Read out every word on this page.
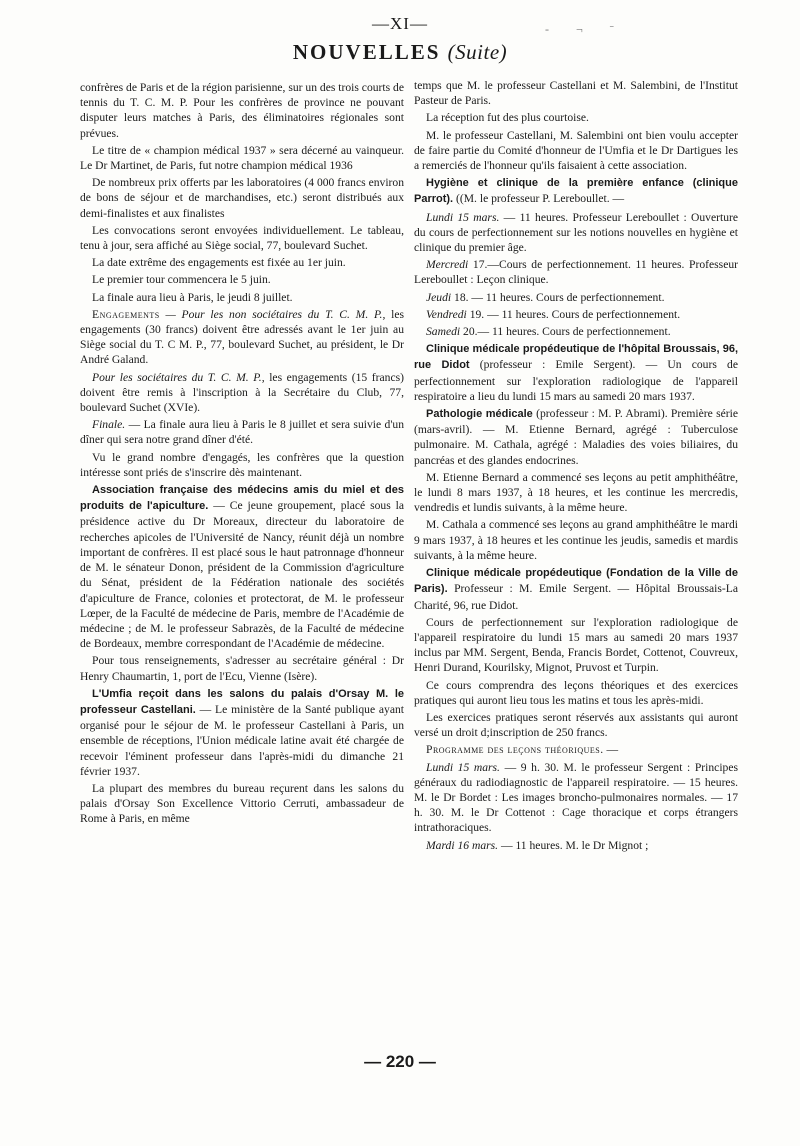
—XI—	- ¬ ˉ
NOUVELLES (Suite)

confrères de Paris et de la région parisienne, sur un des trois courts de tennis du T. C. M. P. Pour les confrères de province ne pouvant disputer leurs matches à Paris, des éliminatoires régionales sont prévues.

Le titre de « champion médical 1937 » sera décerné au vainqueur. Le Dr Martinet, de Paris, fut notre champion médical 1936

De nombreux prix offerts par les laboratoires (4 000 francs environ de bons de séjour et de marchandises, etc.) seront distribués aux demi-finalistes et aux finalistes

Les convocations seront envoyées individuellement. Le tableau, tenu à jour, sera affiché au Siège social, 77, boulevard Suchet.

La date extrême des engagements est fixée au 1er juin.

Le premier tour commencera le 5 juin.

La finale aura lieu à Paris, le jeudi 8 juillet.

Engagements — Pour les non sociétaires du T. C. M. P., les engagements (30 francs) doivent être adressés avant le 1er juin au Siège social du T. C M. P., 77, boulevard Suchet, au président, le Dr André Galand.

Pour les sociétaires du T. C. M. P., les engagements (15 francs) doivent être remis à l'inscription à la Secrétaire du Club, 77, boulevard Suchet (XVIe).

Finale. — La finale aura lieu à Paris le 8 juillet et sera suivie d'un dîner qui sera notre grand dîner d'été.

Vu le grand nombre d'engagés, les confrères que la question intéresse sont priés de s'inscrire dès maintenant.

Association française des médecins amis du miel et des produits de l'apiculture. — Ce jeune groupement, placé sous la présidence active du Dr Moreaux, directeur du laboratoire de recherches apicoles de l'Université de Nancy, réunit déjà un nombre important de confrères. Il est placé sous le haut patronnage d'honneur de M. le sénateur Donon, président de la Commission d'agriculture du Sénat, président de la Fédération nationale des sociétés d'apiculture de France, colonies et protectorat, de M. le professeur Lœper, de la Faculté de médecine de Paris, membre de l'Académie de médecine ; de M. le professeur Sabrazès, de la Faculté de médecine de Bordeaux, membre correspondant de l'Académie de médecine.

Pour tous renseignements, s'adresser au secrétaire général : Dr Henry Chaumartin, 1, port de l'Ecu, Vienne (Isère).

L'Umfia reçoit dans les salons du palais d'Orsay M. le professeur Castellani. — Le ministère de la Santé publique ayant organisé pour le séjour de M. le professeur Castellani à Paris, un ensemble de réceptions, l'Union médicale latine avait été chargée de recevoir l'éminent professeur dans l'après-midi du dimanche 21 février 1937.

La plupart des membres du bureau reçurent dans les salons du palais d'Orsay Son Excellence Vittorio Cerruti, ambassadeur de Rome à Paris, en même

temps que M. le professeur Castellani et M. Salembini, de l'Institut Pasteur de Paris.

La réception fut des plus courtoise.

M. le professeur Castellani, M. Salembini ont bien voulu accepter de faire partie du Comité d'honneur de l'Umfia et le Dr Dartigues les a remerciés de l'honneur qu'ils faisaient à cette association.

Hygiène et clinique de la première enfance (clinique Parrot). ((M. le professeur P. Lereboullet. —

Lundi 15 mars. — 11 heures. Professeur Lereboullet : Ouverture du cours de perfectionnement sur les notions nouvelles en hygiène et clinique du premier âge.

Mercredi 17.—Cours de perfectionnement. 11 heures. Professeur Lereboullet : Leçon clinique.

Jeudi 18. — 11 heures. Cours de perfectionnement.

Vendredi 19. — 11 heures. Cours de perfectionnement.

Samedi 20.— 11 heures. Cours de perfectionnement.

Clinique médicale propédeutique de l'hôpital Broussais, 96, rue Didot (professeur : Emile Sergent). — Un cours de perfectionnement sur l'exploration radiologique de l'appareil respiratoire a lieu du lundi 15 mars au samedi 20 mars 1937.

Pathologie médicale (professeur : M. P. Abrami). Première série (mars-avril). — M. Etienne Bernard, agrégé : Tuberculose pulmonaire. M. Cathala, agrégé : Maladies des voies biliaires, du pancréas et des glandes endocrines.

M. Etienne Bernard a commencé ses leçons au petit amphithéâtre, le lundi 8 mars 1937, à 18 heures, et les continue les mercredis, vendredis et lundis suivants, à la même heure.

M. Cathala a commencé ses leçons au grand amphithéâtre le mardi 9 mars 1937, à 18 heures et les continue les jeudis, samedis et mardis suivants, à la même heure.

Clinique médicale propédeutique (Fondation de la Ville de Paris). Professeur : M. Emile Sergent. — Hôpital Broussais-La Charité, 96, rue Didot.

Cours de perfectionnement sur l'exploration radiologique de l'appareil respiratoire du lundi 15 mars au samedi 20 mars 1937 inclus par MM. Sergent, Benda, Francis Bordet, Cottenot, Couvreux, Henri Durand, Kourilsky, Mignot, Pruvost et Turpin.

Ce cours comprendra des leçons théoriques et des exercices pratiques qui auront lieu tous les matins et tous les après-midi.

Les exercices pratiques seront réservés aux assistants qui auront versé un droit d;inscription de 250 francs.

Programme des leçons théoriques. —

Lundi 15 mars. — 9 h. 30. M. le professeur Sergent : Principes généraux du radiodiagnostic de l'appareil respiratoire. — 15 heures. M. le Dr Bordet : Les images broncho-pulmonaires normales. — 17 h. 30. M. le Dr Cottenot : Cage thoracique et corps étrangers intrathoraciques.

Mardi 16 mars. — 11 heures. M. le Dr Mignot ;

— 220 —
